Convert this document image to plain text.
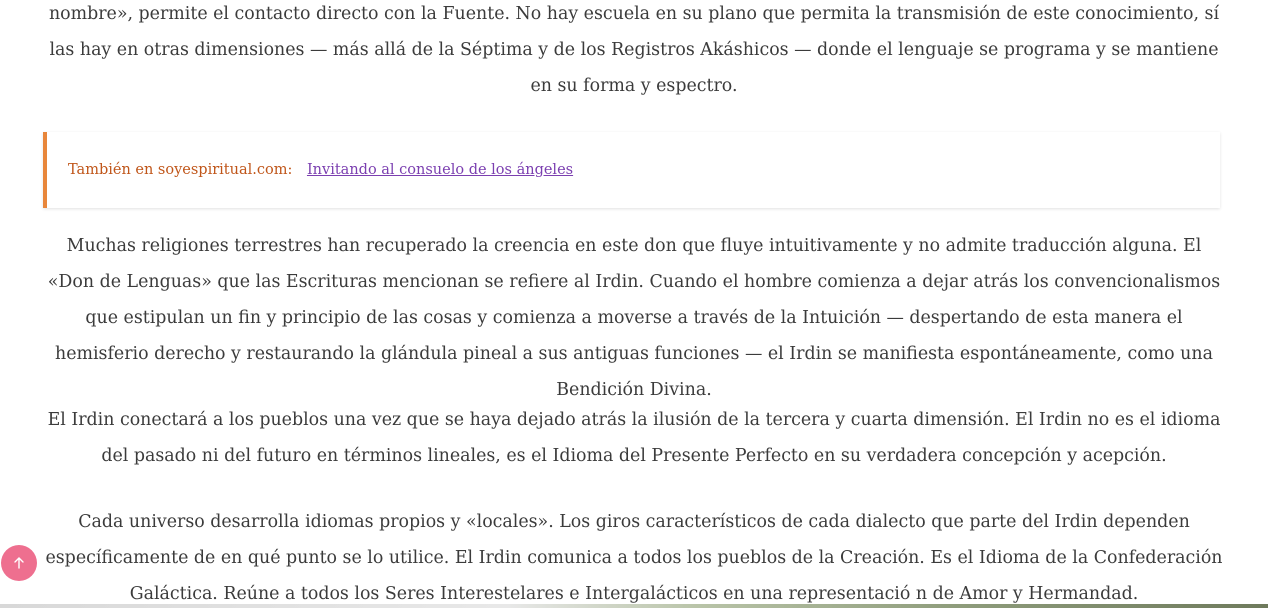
nombre», permite el contacto directo con la Fuente. No hay escuela en su plano que permita la transmisión de este conocimiento, sí las hay en otras dimensiones — más allá de la Séptima y de los Registros Akáshicos — donde el lenguaje se programa y se mantiene en su forma y espectro.

También en soyespiritual.com: Invitando al consuelo de los ángeles

Muchas religiones terrestres han recuperado la creencia en este don que fluye intuitivamente y no admite traducción alguna. El «Don de Lenguas» que las Escrituras mencionan se refiere al Irdin. Cuando el hombre comienza a dejar atrás los convencionalismos que estipulan un fin y principio de las cosas y comienza a moverse a través de la Intuición — despertando de esta manera el hemisferio derecho y restaurando la glándula pineal a sus antiguas funciones — el Irdin se manifiesta espontáneamente, como una Bendición Divina.

El Irdin conectará a los pueblos una vez que se haya dejado atrás la ilusión de la tercera y cuarta dimensión. El Irdin no es el idioma del pasado ni del futuro en términos lineales, es el Idioma del Presente Perfecto en su verdadera concepción y acepción.

Cada universo desarrolla idiomas propios y «locales». Los giros característicos de cada dialecto que parte del Irdin dependen específicamente de en qué punto se lo utilice. El Irdin comunica a todos los pueblos de la Creación. Es el Idioma de la Confederación Galáctica. Reúne a todos los Seres Interestelares e Intergalácticos en una representació n de Amor y Hermandad.
